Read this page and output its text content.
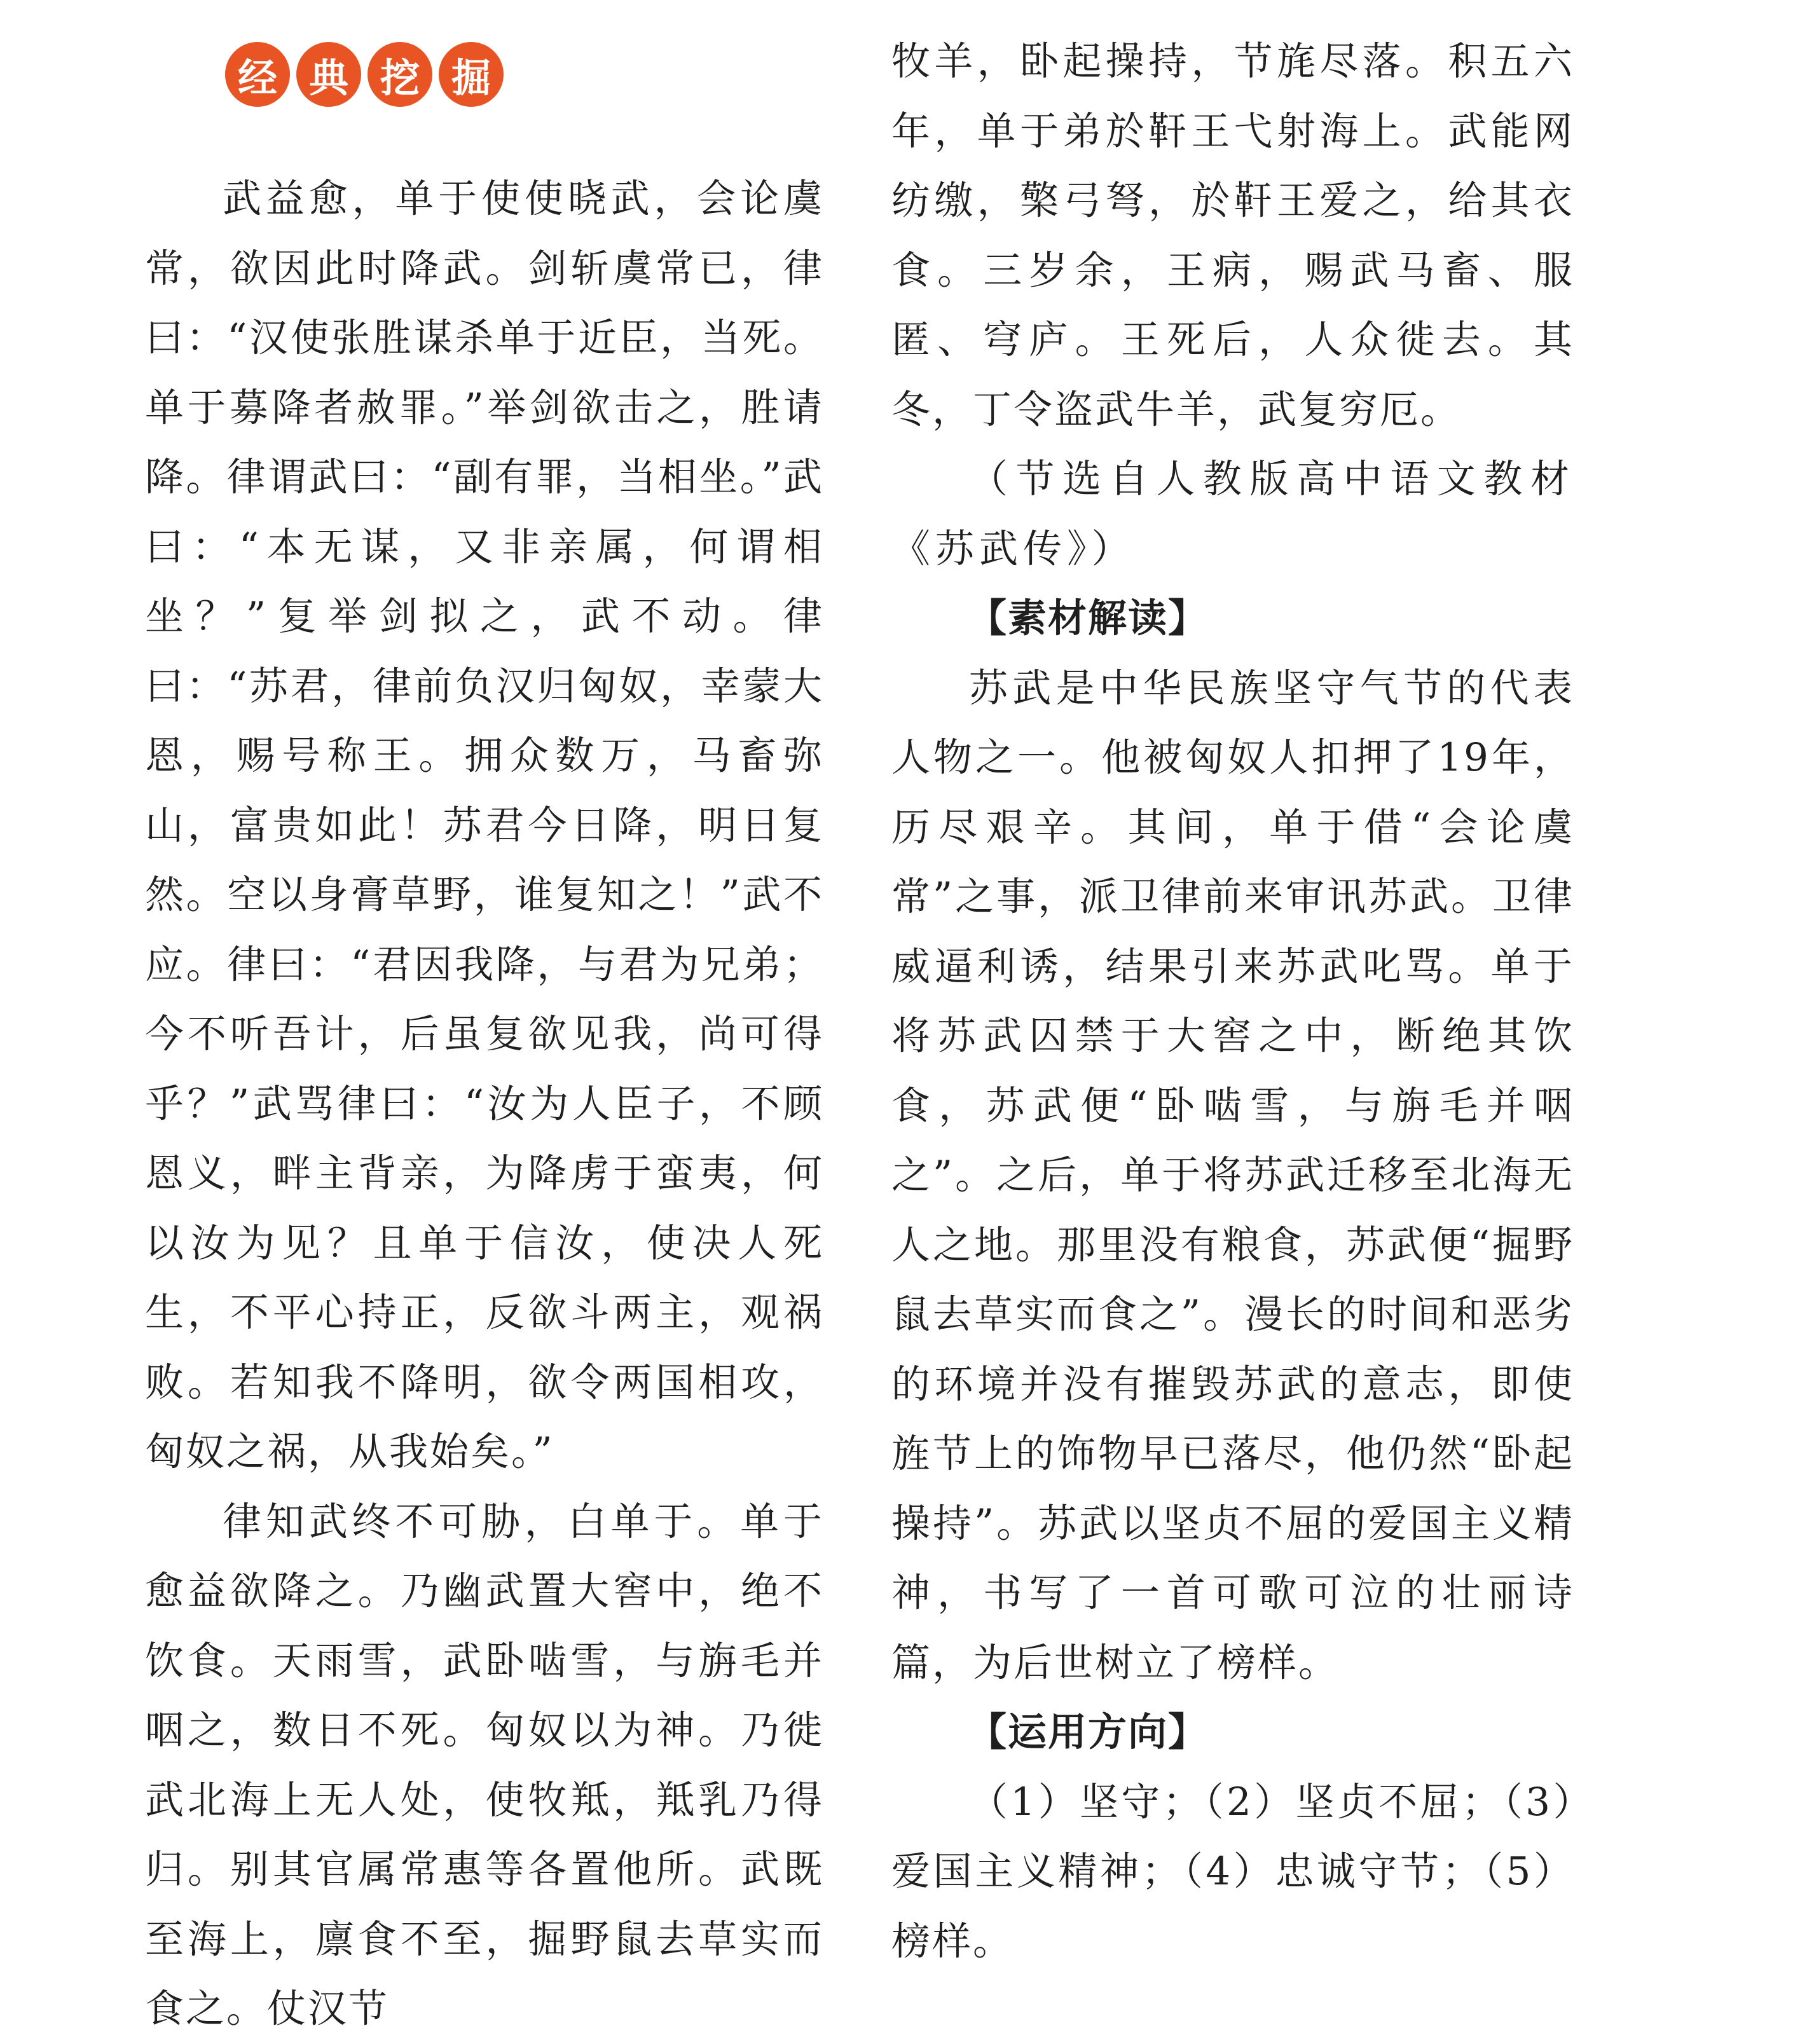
经 典 挖 掘

武益愈，单于使使晓武，会论虞常，欲因此时降武。剑斩虞常已，律曰：“汉使张胜谋杀单于近臣，当死。单于募降者赦罪。”举剑欲击之，胜请降。律谓武曰：“副有罪，当相坐。”武曰：“本无谋，又非亲属，何谓相坐？”复举剑拟之，武不动。律曰：“苏君，律前负汉归匈奴，幸蒙大恩，赐号称王。拥众数万，马畜弥山，富贵如此！苏君今日降，明日复然。空以身膏草野，谁复知之！”武不应。律曰：“君因我降，与君为兄弟；今不听吾计，后虽复欲见我，尚可得乎？”武骂律曰：“汝为人臣子，不顾恩义，畔主背亲，为降虏于蛮夷，何以汝为见？且单于信汝，使决人死生，不平心持正，反欲斗两主，观祸败。若知我不降明，欲令两国相攻，匈奴之祸，从我始矣。”

律知武终不可胁，白单于。单于愈益欲降之。乃幽武置大窖中，绝不饮食。天雨雪，武卧啮雪，与旃毛并咽之，数日不死。匈奴以为神。乃徙武北海上无人处，使牧羝，羝乳乃得归。别其官属常惠等各置他所。武既至海上，廪食不至，掘野鼠去草实而食之。仗汉节

牧羊，卧起操持，节旄尽落。积五六年，单于弟於靬王弋射海上。武能网纺缴，檠弓弩，於靬王爱之，给其衣食。三岁余，王病，赐武马畜、服匿、穹庐。王死后，人众徙去。其冬，丁令盗武牛羊，武复穷厄。

（节选自人教版高中语文教材《苏武传》）

【素材解读】

苏武是中华民族坚守气节的代表人物之一。他被匈奴人扣押了19年，历尽艰辛。其间，单于借“会论虞常”之事，派卫律前来审讯苏武。卫律威逼利诱，结果引来苏武叱骂。单于将苏武囚禁于大窖之中，断绝其饮食，苏武便“卧啮雪，与旃毛并咽之”。之后，单于将苏武迁移至北海无人之地。那里没有粮食，苏武便“掘野鼠去草实而食之”。漫长的时间和恶劣的环境并没有摧毁苏武的意志，即使旌节上的饰物早已落尽，他仍然“卧起操持”。苏武以坚贞不屈的爱国主义精神，书写了一首可歌可泣的壮丽诗篇，为后世树立了榜样。

【运用方向】

（1）坚守；（2）坚贞不屈；（3）爱国主义精神；（4）忠诚守节；（5）榜样。
